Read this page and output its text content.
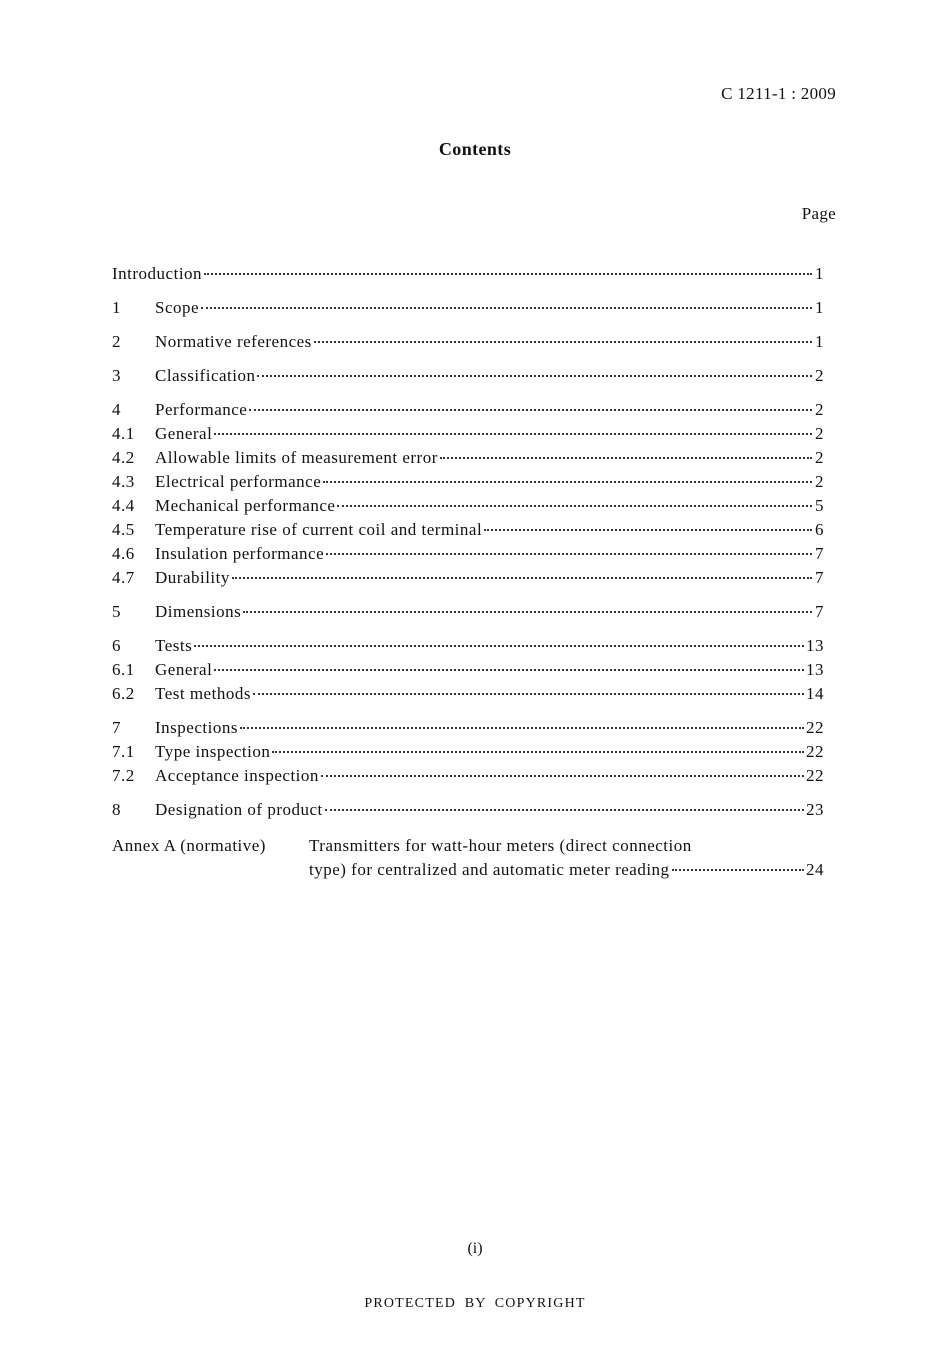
C 1211-1 : 2009
Contents
Page
Introduction	1
1	Scope	1
2	Normative references	1
3	Classification	2
4	Performance	2
4.1	General	2
4.2	Allowable limits of measurement error	2
4.3	Electrical performance	2
4.4	Mechanical performance	5
4.5	Temperature rise of current coil and terminal	6
4.6	Insulation performance	7
4.7	Durability	7
5	Dimensions	7
6	Tests	13
6.1	General	13
6.2	Test methods	14
7	Inspections	22
7.1	Type inspection	22
7.2	Acceptance inspection	22
8	Designation of product	23
Annex A (normative)	Transmitters for watt-hour meters (direct connection
type) for centralized and automatic meter reading	24
(i)
PROTECTED BY COPYRIGHT
